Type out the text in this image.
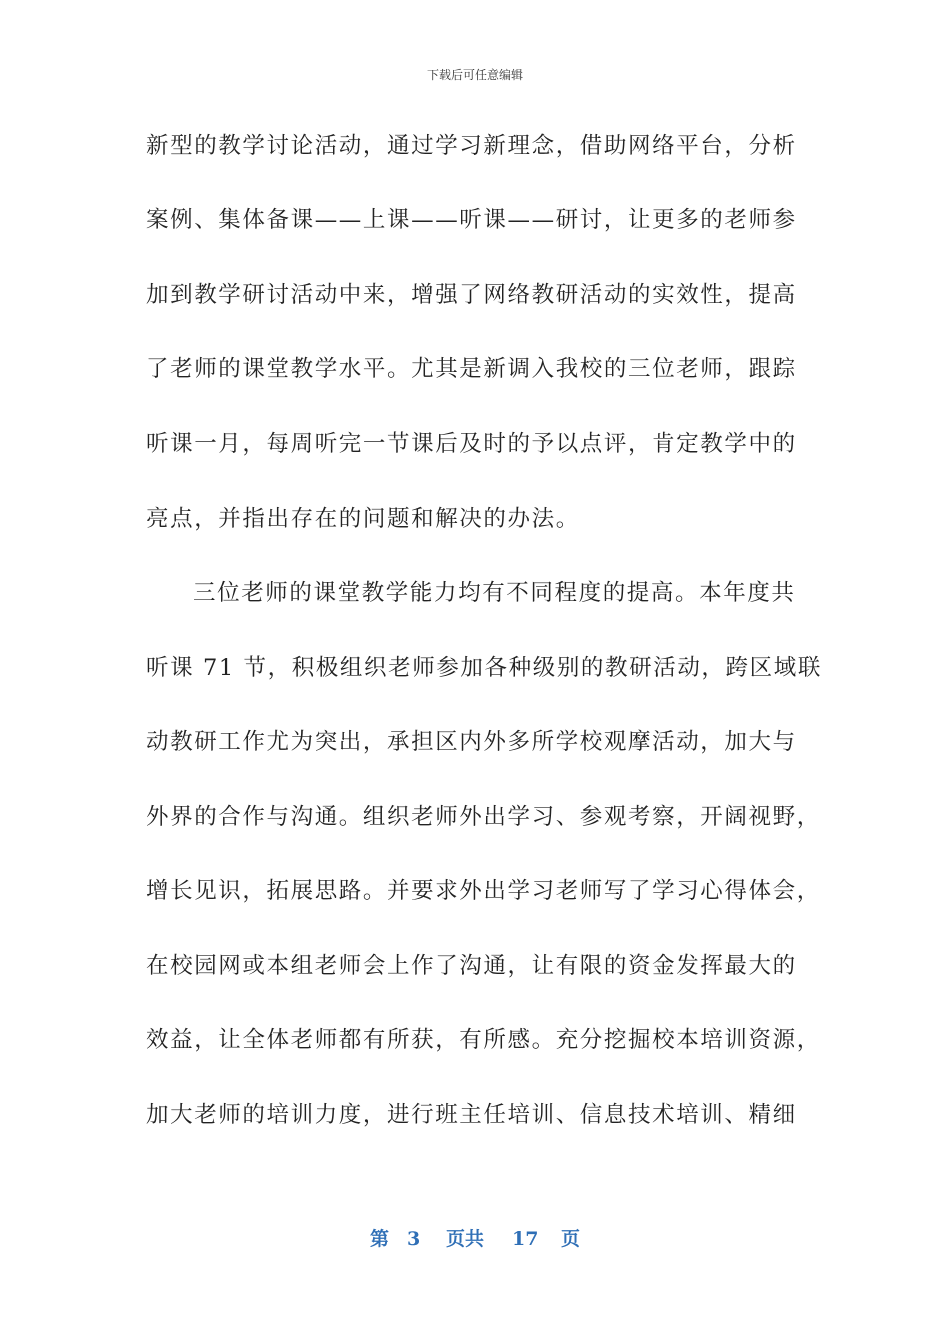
下载后可任意编辑
新型的教学讨论活动，通过学习新理念，借助网络平台，分析
案例、集体备课——上课——听课——研讨，让更多的老师参
加到教学研讨活动中来，增强了网络教研活动的实效性，提高
了老师的课堂教学水平。尤其是新调入我校的三位老师，跟踪
听课一月，每周听完一节课后及时的予以点评，肯定教学中的
亮点，并指出存在的问题和解决的办法。
三位老师的课堂教学能力均有不同程度的提高。本年度共
听课 71 节，积极组织老师参加各种级别的教研活动，跨区域联
动教研工作尤为突出，承担区内外多所学校观摩活动，加大与
外界的合作与沟通。组织老师外出学习、参观考察，开阔视野，
增长见识，拓展思路。并要求外出学习老师写了学习心得体会，
在校园网或本组老师会上作了沟通，让有限的资金发挥最大的
效益，让全体老师都有所获，有所感。充分挖掘校本培训资源，
加大老师的培训力度，进行班主任培训、信息技术培训、精细
第 3 页共 17 页
